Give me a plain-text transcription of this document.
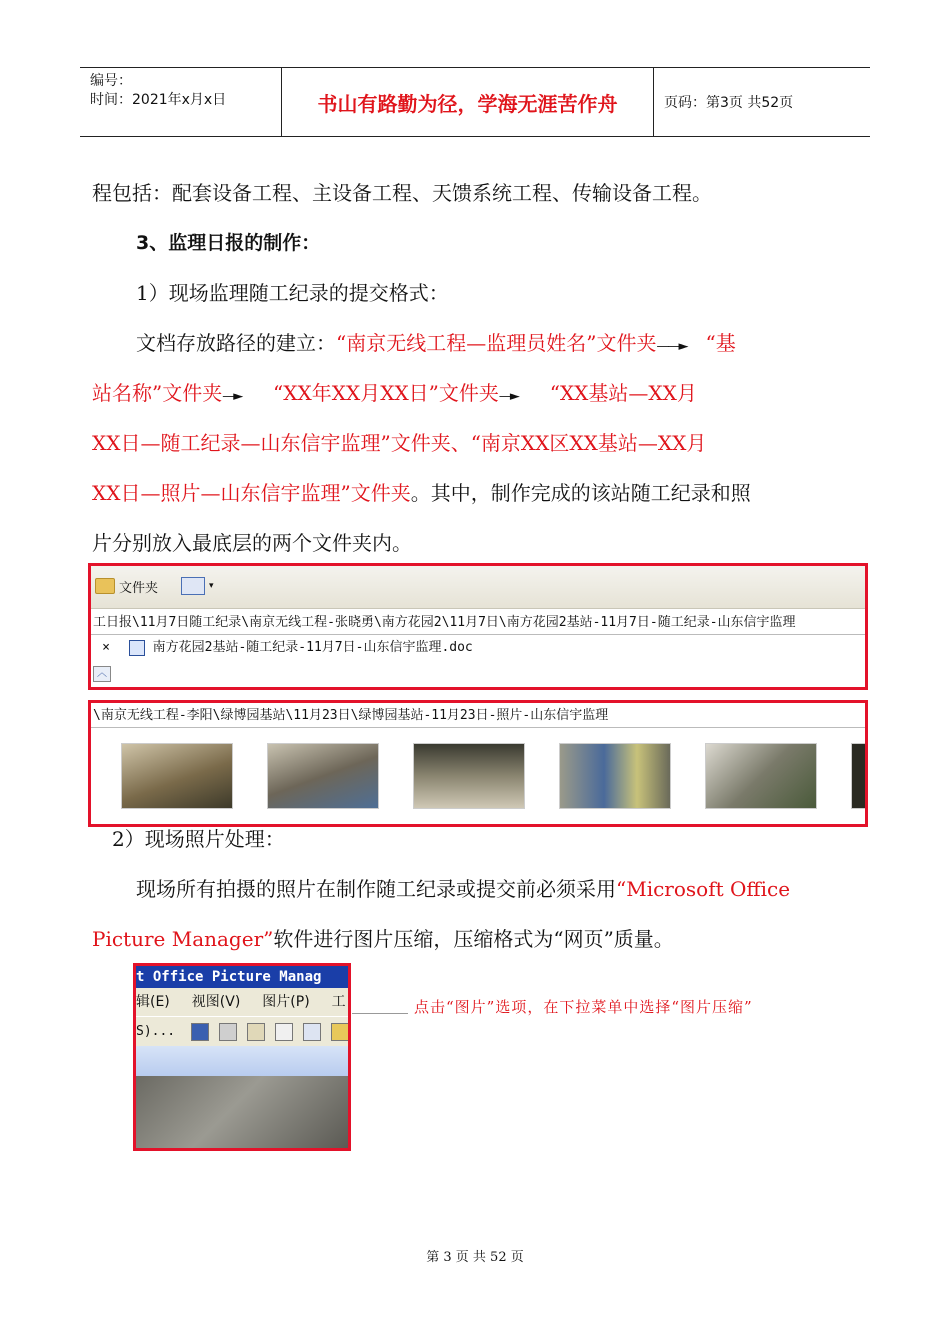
编号：
时间：2021年x月x日	书山有路勤为径，学海无涯苦作舟	页码：第3页 共52页
程包括：配套设备工程、主设备工程、天馈系统工程、传输设备工程。
3、监理日报的制作：
1）现场监理随工纪录的提交格式：
文档存放路径的建立：“南京无线工程—监理员姓名”文件夹——► “基
站名称”文件夹—► “XX年XX月XX日”文件夹—► “XX基站—XX月
XX日—随工纪录—山东信宇监理”文件夹、“南京XX区XX基站—XX月
XX日—照片—山东信宇监理”文件夹。其中，制作完成的该站随工纪录和照
片分别放入最底层的两个文件夹内。
文件夹	▾
工日报\11月7日随工纪录\南京无线工程-张晓勇\南方花园2\11月7日\南方花园2基站-11月7日-随工纪录-山东信宇监理
×	南方花园2基站-随工纪录-11月7日-山东信宇监理.doc
︿
\南京无线工程-李阳\绿博园基站\11月23日\绿博园基站-11月23日-照片-山东信宇监理
2）现场照片处理：
现场所有拍摄的照片在制作随工纪录或提交前必须采用“Microsoft Office
Picture Manager”软件进行图片压缩，压缩格式为“网页”质量。
t Office Picture Manag
辑(E) 视图(V) 图片(P) 工
S)...
点击“图片”选项，在下拉菜单中选择“图片压缩”
第 3 页 共 52 页
